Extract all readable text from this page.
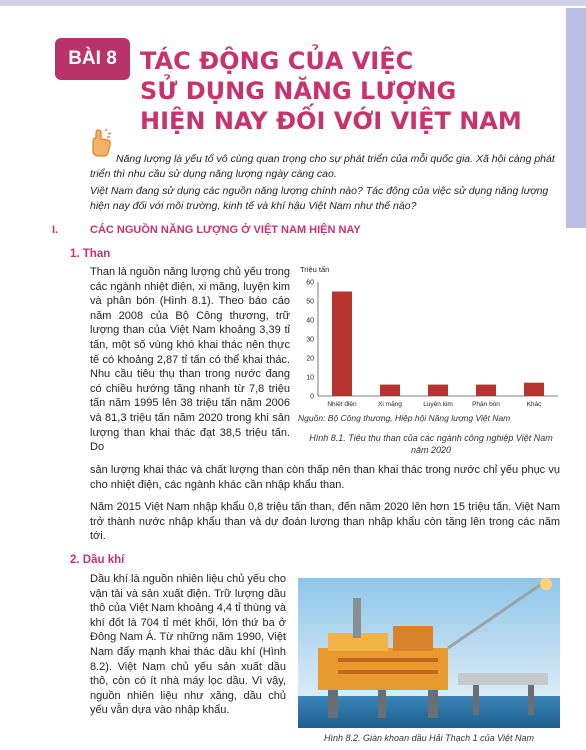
BÀI 8 TÁC ĐỘNG CỦA VIỆC
SỬ DỤNG NĂNG LƯỢNG
HIỆN NAY ĐỐI VỚI VIỆT NAM

Năng lượng là yếu tố vô cùng quan trọng cho sự phát triển của mỗi quốc gia. Xã hội càng phát triển thì nhu cầu sử dụng năng lượng ngày càng cao.

Việt Nam đang sử dụng các nguồn năng lượng chính nào? Tác động của việc sử dụng năng lượng hiện nay đối với môi trường, kinh tế và khí hậu Việt Nam như thế nào?

I.	CÁC NGUỒN NĂNG LƯỢNG Ở VIỆT NAM HIỆN NAY
1. Than
Than là nguồn năng lượng chủ yếu trong các ngành nhiệt điện, xi măng, luyện kim và phân bón (Hình 8.1). Theo báo cáo năm 2008 của Bộ Công thương, trữ lượng than của Việt Nam khoảng 3,39 tỉ tấn, một số vùng khó khai thác nên thực tế có khoảng 2,87 tỉ tấn có thể khai thác. Nhu cầu tiêu thụ than trong nước đang có chiều hướng tăng nhanh từ 7,8 triệu tấn năm 1995 lên 38 triệu tấn năm 2006 và 81,3 triệu tấn năm 2020 trong khi sản lượng than khai thác đạt 38,5 triệu tấn. Do
sản lượng khai thác và chất lượng than còn thấp nên than khai thác trong nước chỉ yếu phục vụ cho nhiệt điện, các ngành khác cần nhập khẩu than.
Năm 2015 Việt Nam nhập khẩu 0,8 triệu tấn than, đến năm 2020 lên hơn 15 triệu tấn. Việt Nam trở thành nước nhập khẩu than và dự đoán lượng than nhập khẩu còn tăng lên trong các năm tới.
Triệu tấn
0
10
20
30
40
50
60
Nhiệt điện	Xi măng	Luyện kim	Phân bón	Khác
Nguồn: Bộ Công thương, Hiệp hội Năng lượng Việt Nam
Hình 8.1. Tiêu thụ than của các ngành công nghiệp Việt Nam năm 2020
2. Dầu khí
Dầu khí là nguồn nhiên liệu chủ yếu cho vận tải và sản xuất điện. Trữ lượng dầu thô của Việt Nam khoảng 4,4 tỉ thùng và khí đốt là 704 tỉ mét khối, lớn thứ ba ở Đông Nam Á. Từ những năm 1990, Việt Nam đẩy mạnh khai thác dầu khí (Hình 8.2). Việt Nam chủ yếu sản xuất dầu thô, còn có ít nhà máy lọc dầu. Vì vậy, nguồn nhiên liệu như xăng, dầu chủ yếu vẫn dựa vào nhập khẩu.
Hình 8.2. Giàn khoan dầu Hải Thạch 1 của Việt Nam
